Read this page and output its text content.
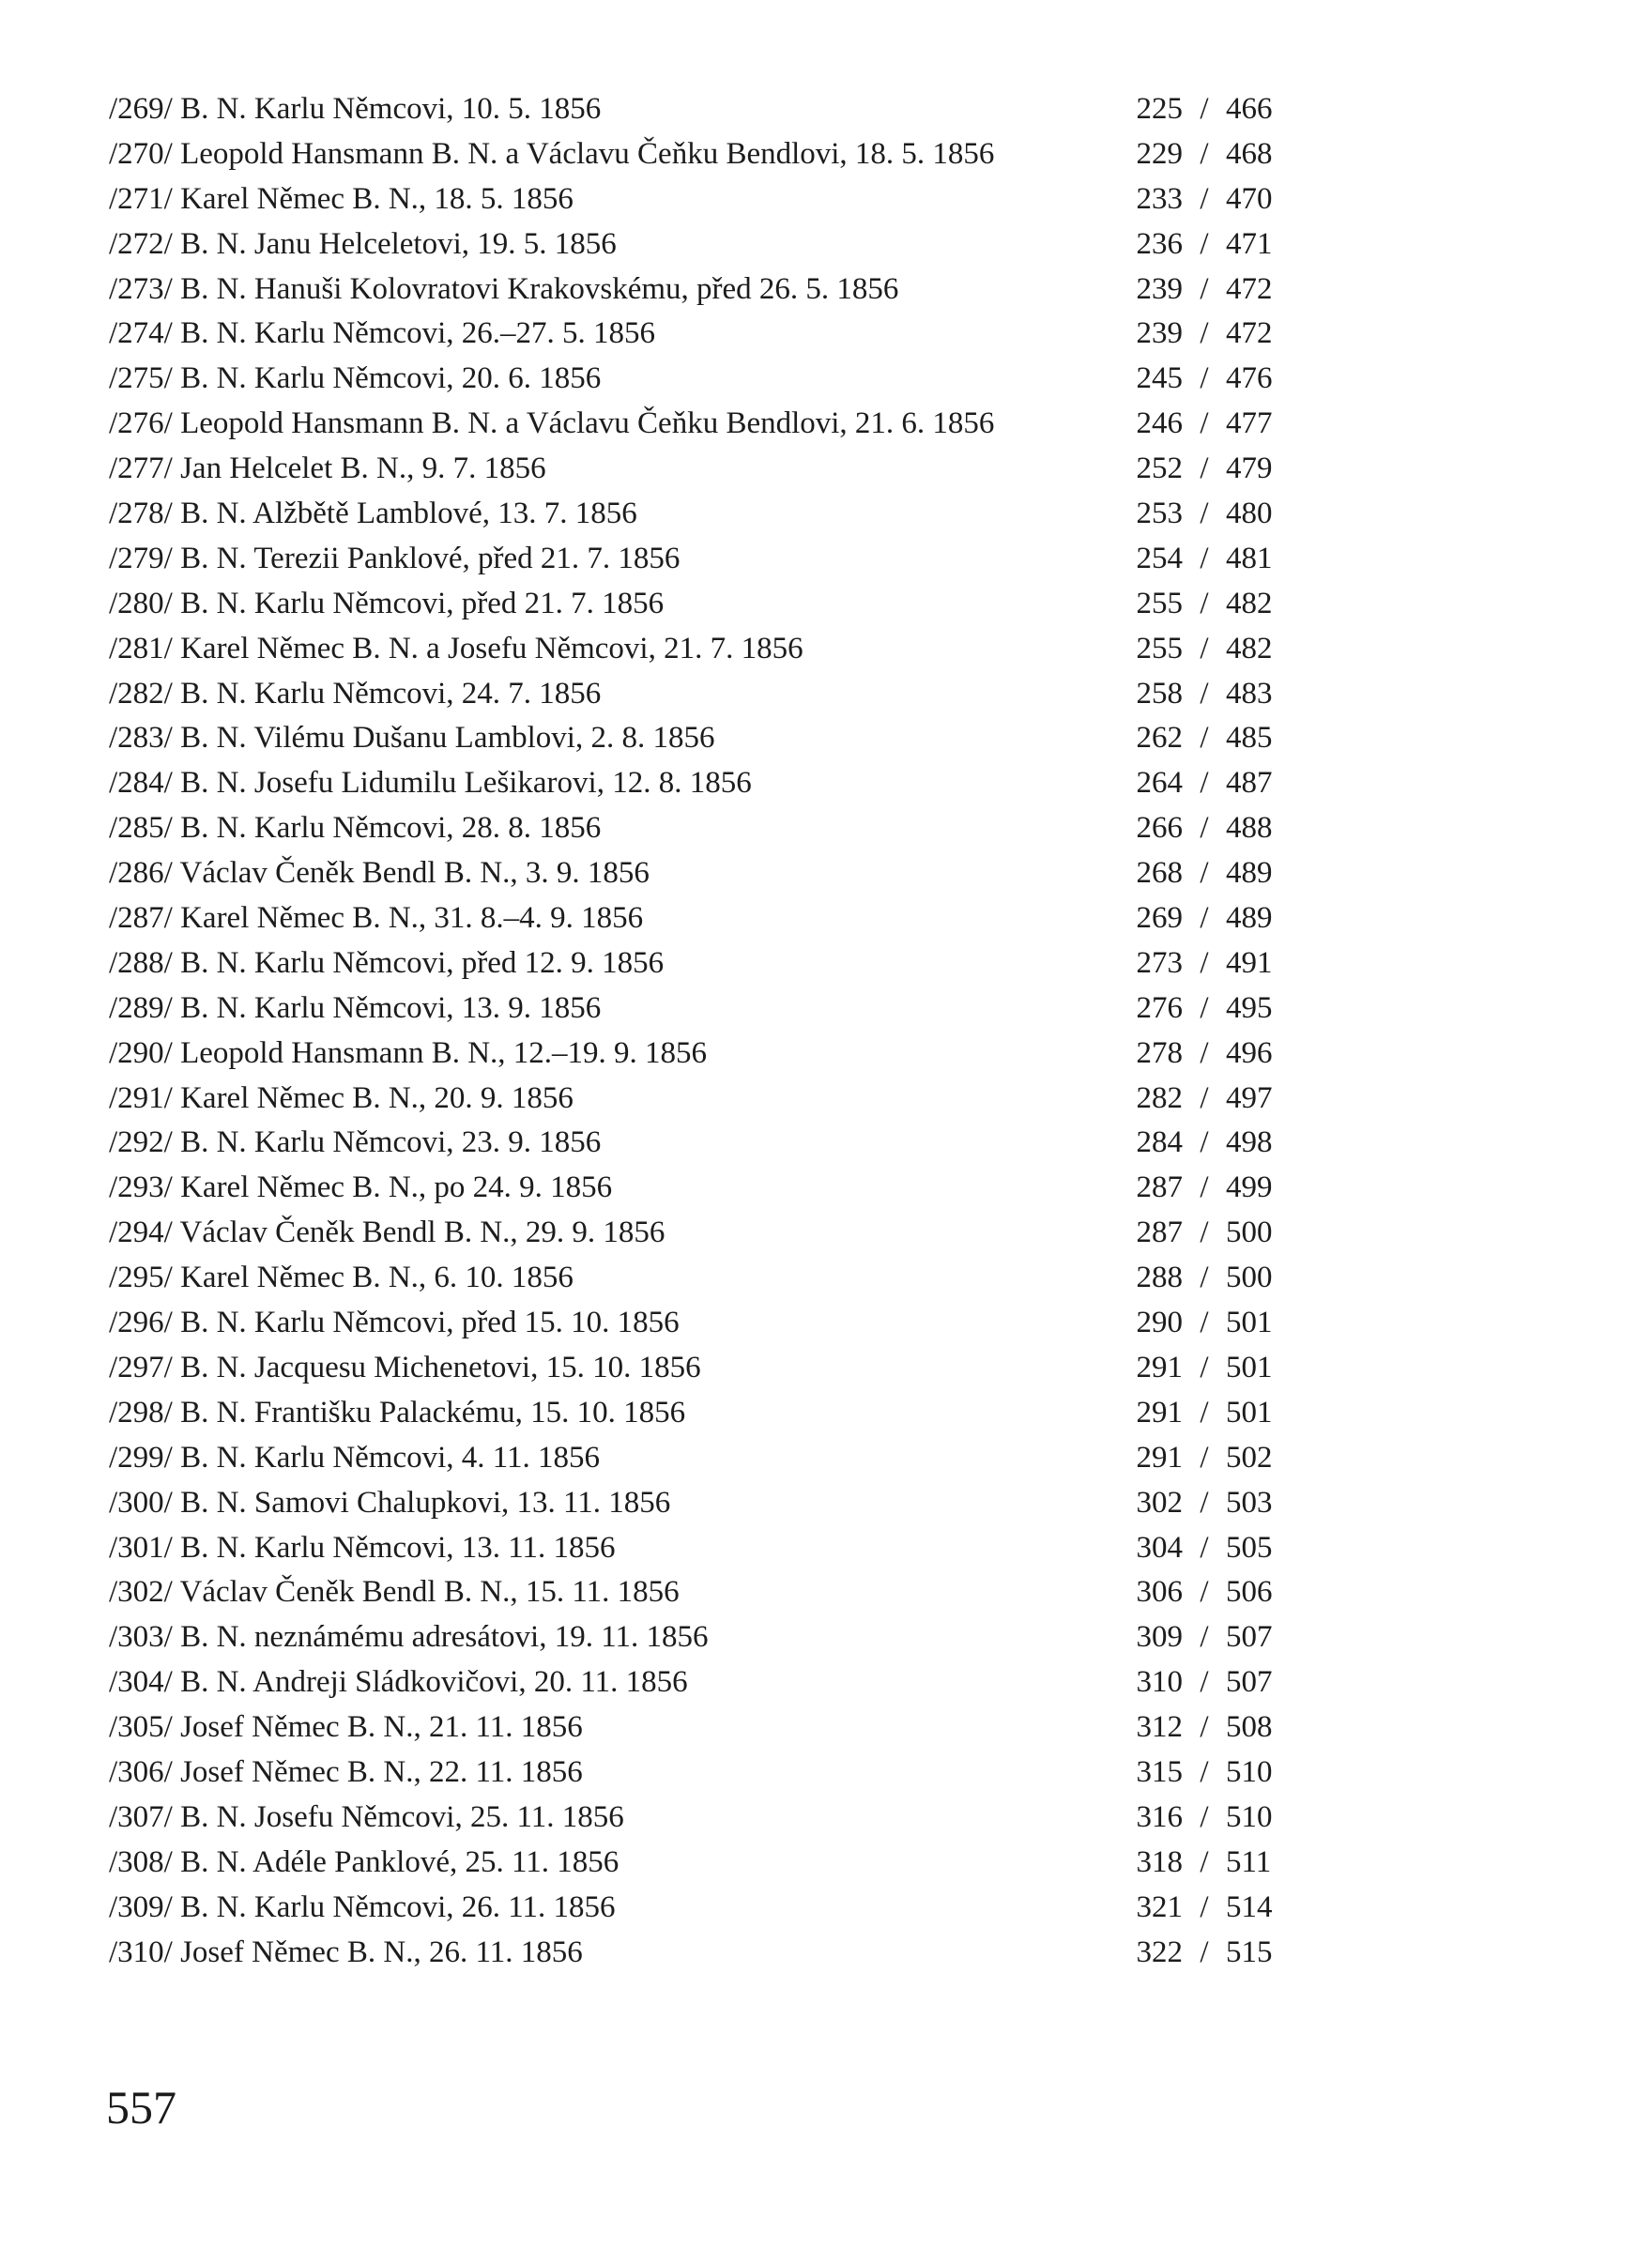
/269/ B. N. Karlu Němcovi, 10. 5. 1856	225 / 466
/270/ Leopold Hansmann B. N. a Václavu Čeňku Bendlovi, 18. 5. 1856	229 / 468
/271/ Karel Němec B. N., 18. 5. 1856	233 / 470
/272/ B. N. Janu Helceletovi, 19. 5. 1856	236 / 471
/273/ B. N. Hanuši Kolovratovi Krakovskému, před 26. 5. 1856	239 / 472
/274/ B. N. Karlu Němcovi, 26.–27. 5. 1856	239 / 472
/275/ B. N. Karlu Němcovi, 20. 6. 1856	245 / 476
/276/ Leopold Hansmann B. N. a Václavu Čeňku Bendlovi, 21. 6. 1856	246 / 477
/277/ Jan Helcelet B. N., 9. 7. 1856	252 / 479
/278/ B. N. Alžbětě Lamblové, 13. 7. 1856	253 / 480
/279/ B. N. Terezii Panklové, před 21. 7. 1856	254 / 481
/280/ B. N. Karlu Němcovi, před 21. 7. 1856	255 / 482
/281/ Karel Němec B. N. a Josefu Němcovi, 21. 7. 1856	255 / 482
/282/ B. N. Karlu Němcovi, 24. 7. 1856	258 / 483
/283/ B. N. Vilému Dušanu Lamblovi, 2. 8. 1856	262 / 485
/284/ B. N. Josefu Lidumilu Lešikarovi, 12. 8. 1856	264 / 487
/285/ B. N. Karlu Němcovi, 28. 8. 1856	266 / 488
/286/ Václav Čeněk Bendl B. N., 3. 9. 1856	268 / 489
/287/ Karel Němec B. N., 31. 8.–4. 9. 1856	269 / 489
/288/ B. N. Karlu Němcovi, před 12. 9. 1856	273 / 491
/289/ B. N. Karlu Němcovi, 13. 9. 1856	276 / 495
/290/ Leopold Hansmann B. N., 12.–19. 9. 1856	278 / 496
/291/ Karel Němec B. N., 20. 9. 1856	282 / 497
/292/ B. N. Karlu Němcovi, 23. 9. 1856	284 / 498
/293/ Karel Němec B. N., po 24. 9. 1856	287 / 499
/294/ Václav Čeněk Bendl B. N., 29. 9. 1856	287 / 500
/295/ Karel Němec B. N., 6. 10. 1856	288 / 500
/296/ B. N. Karlu Němcovi, před 15. 10. 1856	290 / 501
/297/ B. N. Jacquesu Michenetovi, 15. 10. 1856	291 / 501
/298/ B. N. Františku Palackému, 15. 10. 1856	291 / 501
/299/ B. N. Karlu Němcovi, 4. 11. 1856	291 / 502
/300/ B. N. Samovi Chalupkovi, 13. 11. 1856	302 / 503
/301/ B. N. Karlu Němcovi, 13. 11. 1856	304 / 505
/302/ Václav Čeněk Bendl B. N., 15. 11. 1856	306 / 506
/303/ B. N. neznámému adresátovi, 19. 11. 1856	309 / 507
/304/ B. N. Andreji Sládkovičovi, 20. 11. 1856	310 / 507
/305/ Josef Němec B. N., 21. 11. 1856	312 / 508
/306/ Josef Němec B. N., 22. 11. 1856	315 / 510
/307/ B. N. Josefu Němcovi, 25. 11. 1856	316 / 510
/308/ B. N. Adéle Panklové, 25. 11. 1856	318 / 511
/309/ B. N. Karlu Němcovi, 26. 11. 1856	321 / 514
/310/ Josef Němec B. N., 26. 11. 1856	322 / 515
557
